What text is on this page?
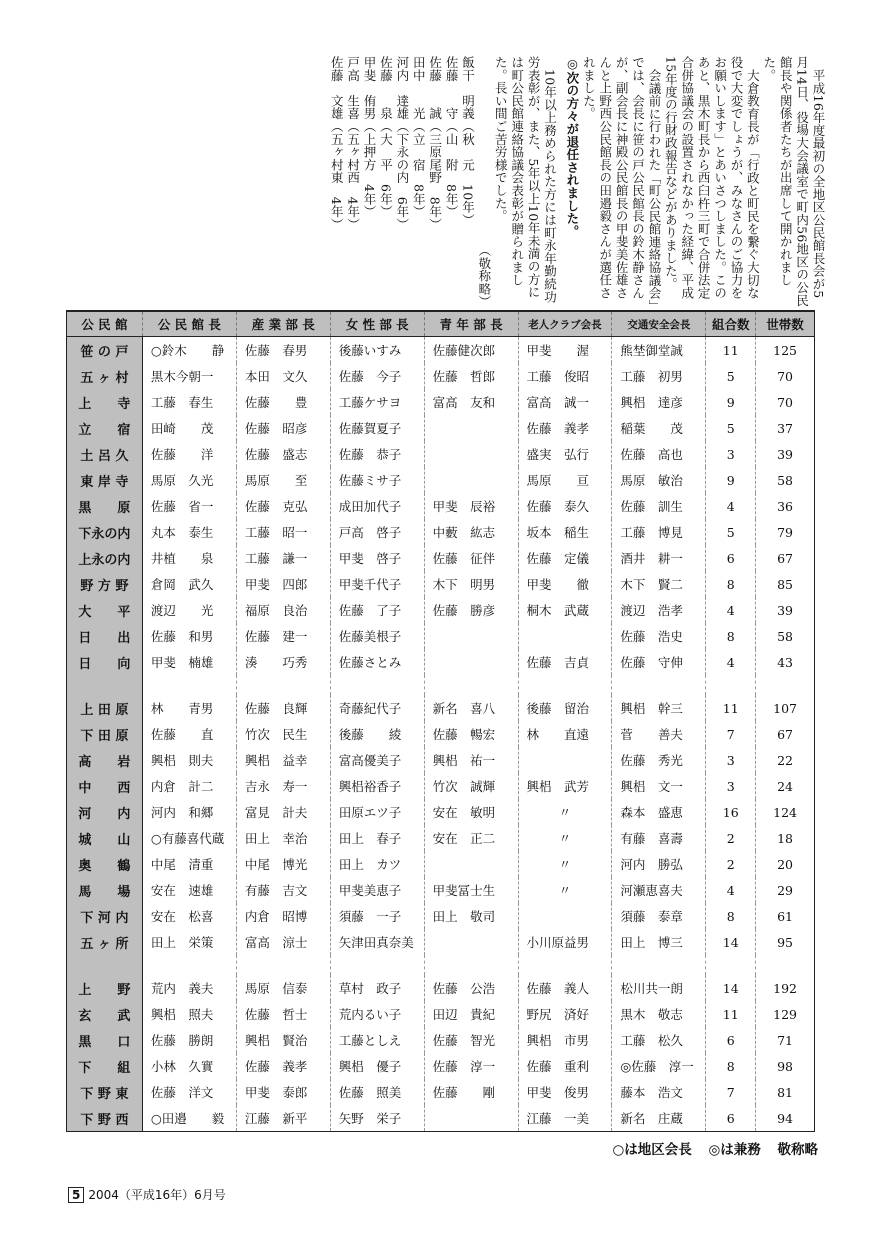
平成16年度最初の全地区公民館長会が5月14日、役場大会議室で町内56地区の公民館長や関係者たちが出席して開かれました。

大倉教育長が「行政と町民を繋ぐ大切な役で大変でしょうが、みなさんのご協力をお願いします」とあいさつしました。このあと、黒木町長から西臼杵三町で合併法定合併協議会の設置されなかった経緯、平成15年度の行財政報告などがありました。

会議前に行われた「町公民館連絡協議会」では、会長に笹の戸公民館長の鈴木静さんが、副会長に神殿公民館長の甲斐美佐雄さんと上野西公民館長の田邉毅さんが選任されました。

◎次の方々が退任されました。

10年以上務められた方には町永年勤続功労表彰が、また、5年以上10年未満の方には町公民館連絡協議会表彰が贈られました。長い間ご苦労様でした。

（敬称略）

飯干　明義（秋　元　10年）
佐藤　　守（山　附　8年）
佐藤　　誠（三原尾野　8年）
田中　　光（立　宿　8年）
河内　達雄（下永の内　6年）
佐藤　　泉（大　平　6年）
甲斐　侑男（上押方　4年）
戸高　生喜（五ヶ村西　4年）
佐藤　文雄（五ヶ村東　4年）
公 民 館	公 民 館 長	産 業 部 長	女 性 部 長	青 年 部 長	老人クラブ会長	交通安全会長	組合数	世帯数
笹 の 戸	○鈴木　　静	佐藤　春男	後藤いすみ	佐藤健次郎	甲斐　　渥	熊埜御堂誠	11	125
五 ヶ 村	黒木今朝一	本田　文久	佐藤　今子	佐藤　哲郎	工藤　俊昭	工藤　初男	5	70
上　　寺	工藤　春生	佐藤　　豊	工藤ケサヨ	富高　友和	富高　誠一	興梠　達彦	9	70
立　　宿	田崎　　茂	佐藤　昭彦	佐藤賀夏子		佐藤　義孝	稲葉　　茂	5	37
土 呂 久	佐藤　　洋	佐藤　盛志	佐藤　恭子		盛実　弘行	佐藤　高也	3	39
東 岸 寺	馬原　久光	馬原　　至	佐藤ミサ子		馬原　　亘	馬原　敏治	9	58
黒　　原	佐藤　省一	佐藤　克弘	成田加代子	甲斐　辰裕	佐藤　泰久	佐藤　訓生	4	36
下永の内	丸本　泰生	工藤　昭一	戸高　啓子	中藪　紘志	坂本　稲生	工藤　博見	5	79
上永の内	井植　　泉	工藤　謙一	甲斐　啓子	佐藤　征伴	佐藤　定儀	酒井　耕一	6	67
野 方 野	倉岡　武久	甲斐　四郎	甲斐千代子	木下　明男	甲斐　　徹	木下　賢二	8	85
大　　平	渡辺　　光	福原　良治	佐藤　了子	佐藤　勝彦	桐木　武蔵	渡辺　浩孝	4	39
日　　出	佐藤　和男	佐藤　建一	佐藤美根子			佐藤　浩史	8	58
日　　向	甲斐　楠雄	湊　　巧秀	佐藤さとみ		佐藤　吉貞	佐藤　守伸	4	43

上 田 原	林　　青男	佐藤　良輝	奇藤紀代子	新名　喜八	後藤　留治	興梠　幹三	11	107
下 田 原	佐藤　　直	竹次　民生	後藤　　綾	佐藤　暢宏	林　　直遠	菅　　善夫	7	67
高　　岩	興梠　則夫	興梠　益幸	富高優美子	興梠　祐一		佐藤　秀光	3	22
中　　西	内倉　計二	吉永　寿一	興梠裕香子	竹次　誠輝	興梠　武芳	興梠　文一	3	24
河　　内	河内　和郷	富見　計夫	田原エツ子	安在　敏明	〃	森本　盛恵	16	124
城　　山	○有藤喜代蔵	田上　幸治	田上　春子	安在　正二	〃	有藤　喜壽	2	18
奥　　鶴	中尾　清重	中尾　博光	田上　カツ		〃	河内　勝弘	2	20
馬　　場	安在　速雄	有藤　吉文	甲斐美恵子	甲斐冨士生	〃	河瀬恵喜夫	4	29
下 河 内	安在　松喜	内倉　昭博	須藤　一子	田上　敬司		須藤　泰章	8	61
五 ヶ 所	田上　栄策	富高　涼士	矢津田真奈美		小川原益男	田上　博三	14	95

上　　野	荒内　義夫	馬原　信泰	草村　政子	佐藤　公浩	佐藤　義人	松川共一朗	14	192
玄　　武	興梠　照夫	佐藤　哲士	荒内るい子	田辺　貴紀	野尻　済好	黒木　敬志	11	129
黒　　口	佐藤　勝朗	興梠　賢治	工藤としえ	佐藤　智光	興梠　市男	工藤　松久	6	71
下　　組	小林　久實	佐藤　義孝	興梠　優子	佐藤　淳一	佐藤　重利	◎佐藤　淳一	8	98
下 野 東	佐藤　洋文	甲斐　泰郎	佐藤　照美	佐藤　　剛	甲斐　俊男	藤本　浩文	7	81
下 野 西	○田邉　　毅	江藤　新平	矢野　栄子		江藤　一美	新名　庄蔵	6	94
○は地区会長 ◎は兼務 敬称略
5 2004（平成16年）6月号
